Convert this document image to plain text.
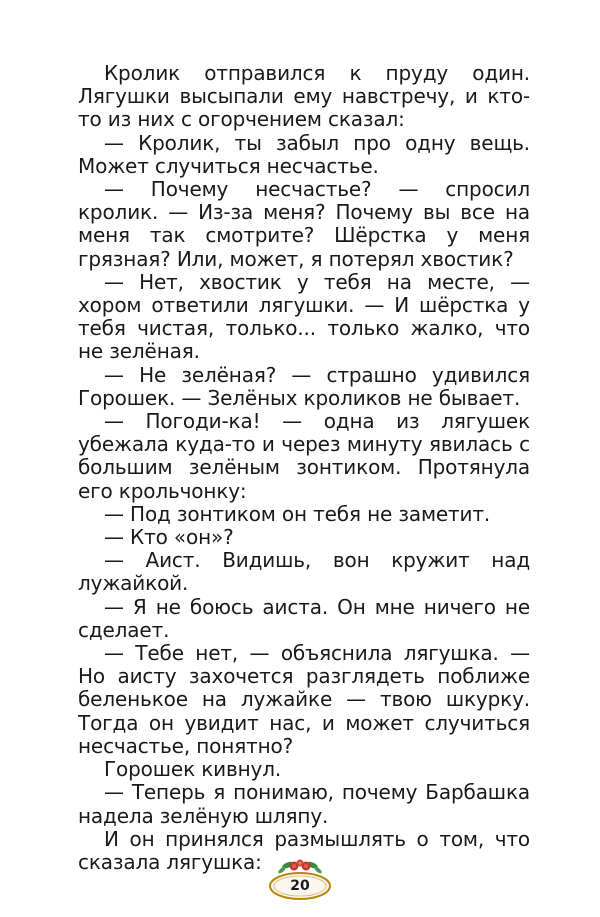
Кролик отправился к пруду один. Лягушки высыпали ему навстречу, и кто-то из них с огорчением сказал:

— Кролик, ты забыл про одну вещь. Может случиться несчастье.

— Почему несчастье? — спросил кролик. — Из-за меня? Почему вы все на меня так смотрите? Шёрстка у меня грязная? Или, может, я потерял хвостик?

— Нет, хвостик у тебя на месте, — хором ответили лягушки. — И шёрстка у тебя чистая, только... только жалко, что не зелёная.

— Не зелёная? — страшно удивился Горошек. — Зелёных кроликов не бывает.

— Погоди-ка! — одна из лягушек убежала куда-то и через минуту явилась с большим зелёным зонтиком. Протянула его крольчонку:

— Под зонтиком он тебя не заметит.

— Кто «он»?

— Аист. Видишь, вон кружит над лужайкой.

— Я не боюсь аиста. Он мне ничего не сделает.

— Тебе нет, — объяснила лягушка. — Но аисту захочется разглядеть поближе беленькое на лужайке — твою шкурку. Тогда он увидит нас, и может случиться несчастье, понятно?

Горошек кивнул.

— Теперь я понимаю, почему Барбашка надела зелёную шляпу.

И он принялся размышлять о том, что сказала лягушка:

20
